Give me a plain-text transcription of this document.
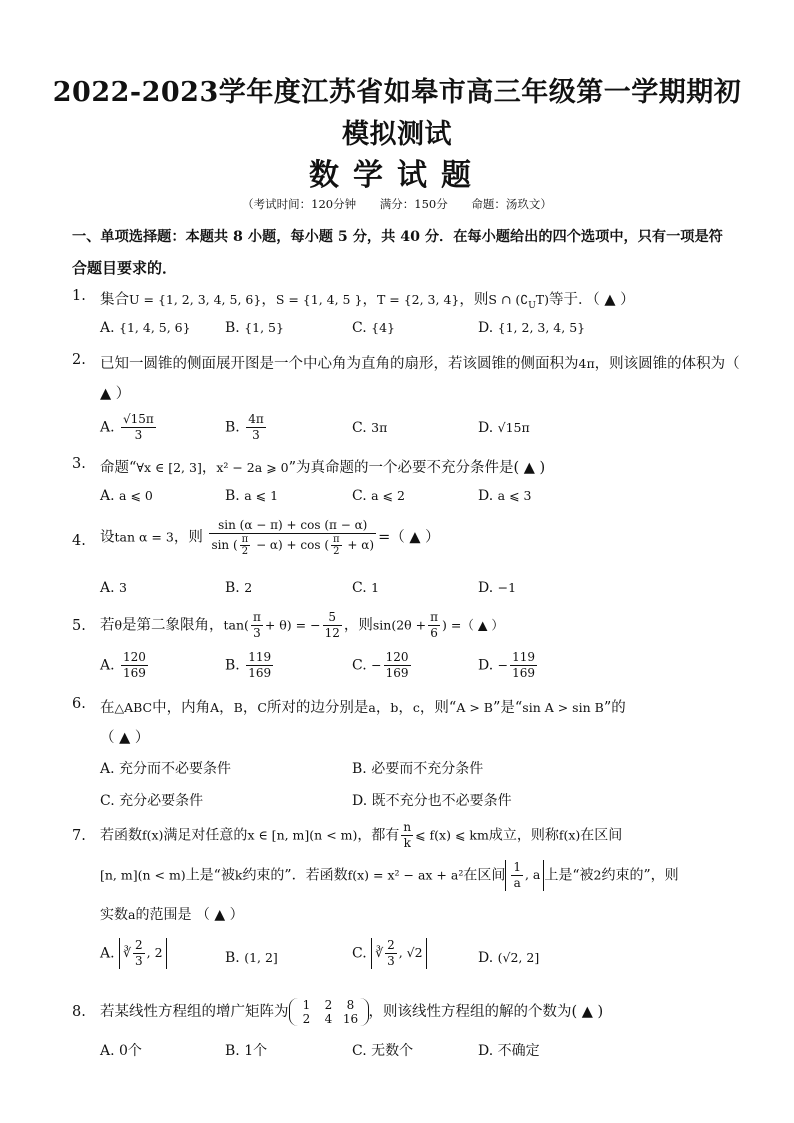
2022-2023学年度江苏省如皋市高三年级第一学期期初
模拟测试
数学试题
（考试时间：120分钟 满分：150分 命题：汤玖文）
一、单项选择题：本题共 8 小题，每小题 5 分，共 40 分．在每小题给出的四个选项中，只有一项是符
合题目要求的．
1. 集合U = {1, 2, 3, 4, 5, 6}，S = {1, 4, 5 }，T = {2, 3, 4}，则S ∩ $(∁_UT)$等于．（ ▲ ）
A. {1, 4, 5, 6} B. {1, 5}	C. {4}	D. {1, 2, 3, 4, 5}
2. 已知一圆锥的侧面展开图是一个中心角为直角的扇形，若该圆锥的侧面积为4π，则该圆锥的体积为（
▲ ）
A. $\frac{√15\pi}{3}$	B. $\frac{4\pi}{3}$	C. 3π	D. √15π
3. 命题“∀x ∈ [2, 3]，x² − 2a ⩾ 0”为真命题的一个必要不充分条件是( ▲ )
A. a ⩽ 0	B. a ⩽ 1	C. a ⩽ 2	D. a ⩽ 3
4. 设tan α = 3，则 $\frac{\sin (\alpha - \pi) + \cos (\pi - \alpha)}{\sin ( \frac{\pi}{2} - \alpha) + \cos ( \frac{\pi}{2} + \alpha)}$ =（ ▲ ）
A. 3	B. 2	C. 1	D. −1
5. 若θ是第二象限角，$\tan( \frac{\pi}{3} + \theta)$ = − $\frac{5}{12}$ ，则$\sin(2\theta + \frac{\pi}{6}$ ) =（ ▲ ）
A. $\frac{120}{169}$	B. $\frac{119}{169}$	C. − $\frac{120}{169}$	D. − $\frac{119}{169}$
6. 在△ABC中，内角A，B，C所对的边分别是a，b，c，则“A > B”是“sin A > sin B”的
（ ▲ ）
A. 充分而不必要条件	B. 必要而不充分条件
C. 充分必要条件	D. 既不充分也不必要条件
7.	若函数f(x)满足对任意的x ∈ [n, m](n < m)，都有 $\frac{n}{k}$ ⩽ f(x) ⩽ km成立，则称f(x)在区间
[n, m](n < m)上是“被k约束的”．若函数f(x) = x² − ax + a²在区间 $\frac{1}{a}$ , a 上是“被2约束的”，则
实数a的范围是 （ ▲ ）
A. ∛ $\frac{2}{3}$ , 2	B. (1, 2]	C. ∛ $\frac{2}{3}$ , √2	D. (√2, 2]
8. 若某线性方程组的增广矩阵为 1 2 8
2 4 16 ，则该线性方程组的解的个数为( ▲ )
A. 0个	B. 1个	C. 无数个	D. 不确定
